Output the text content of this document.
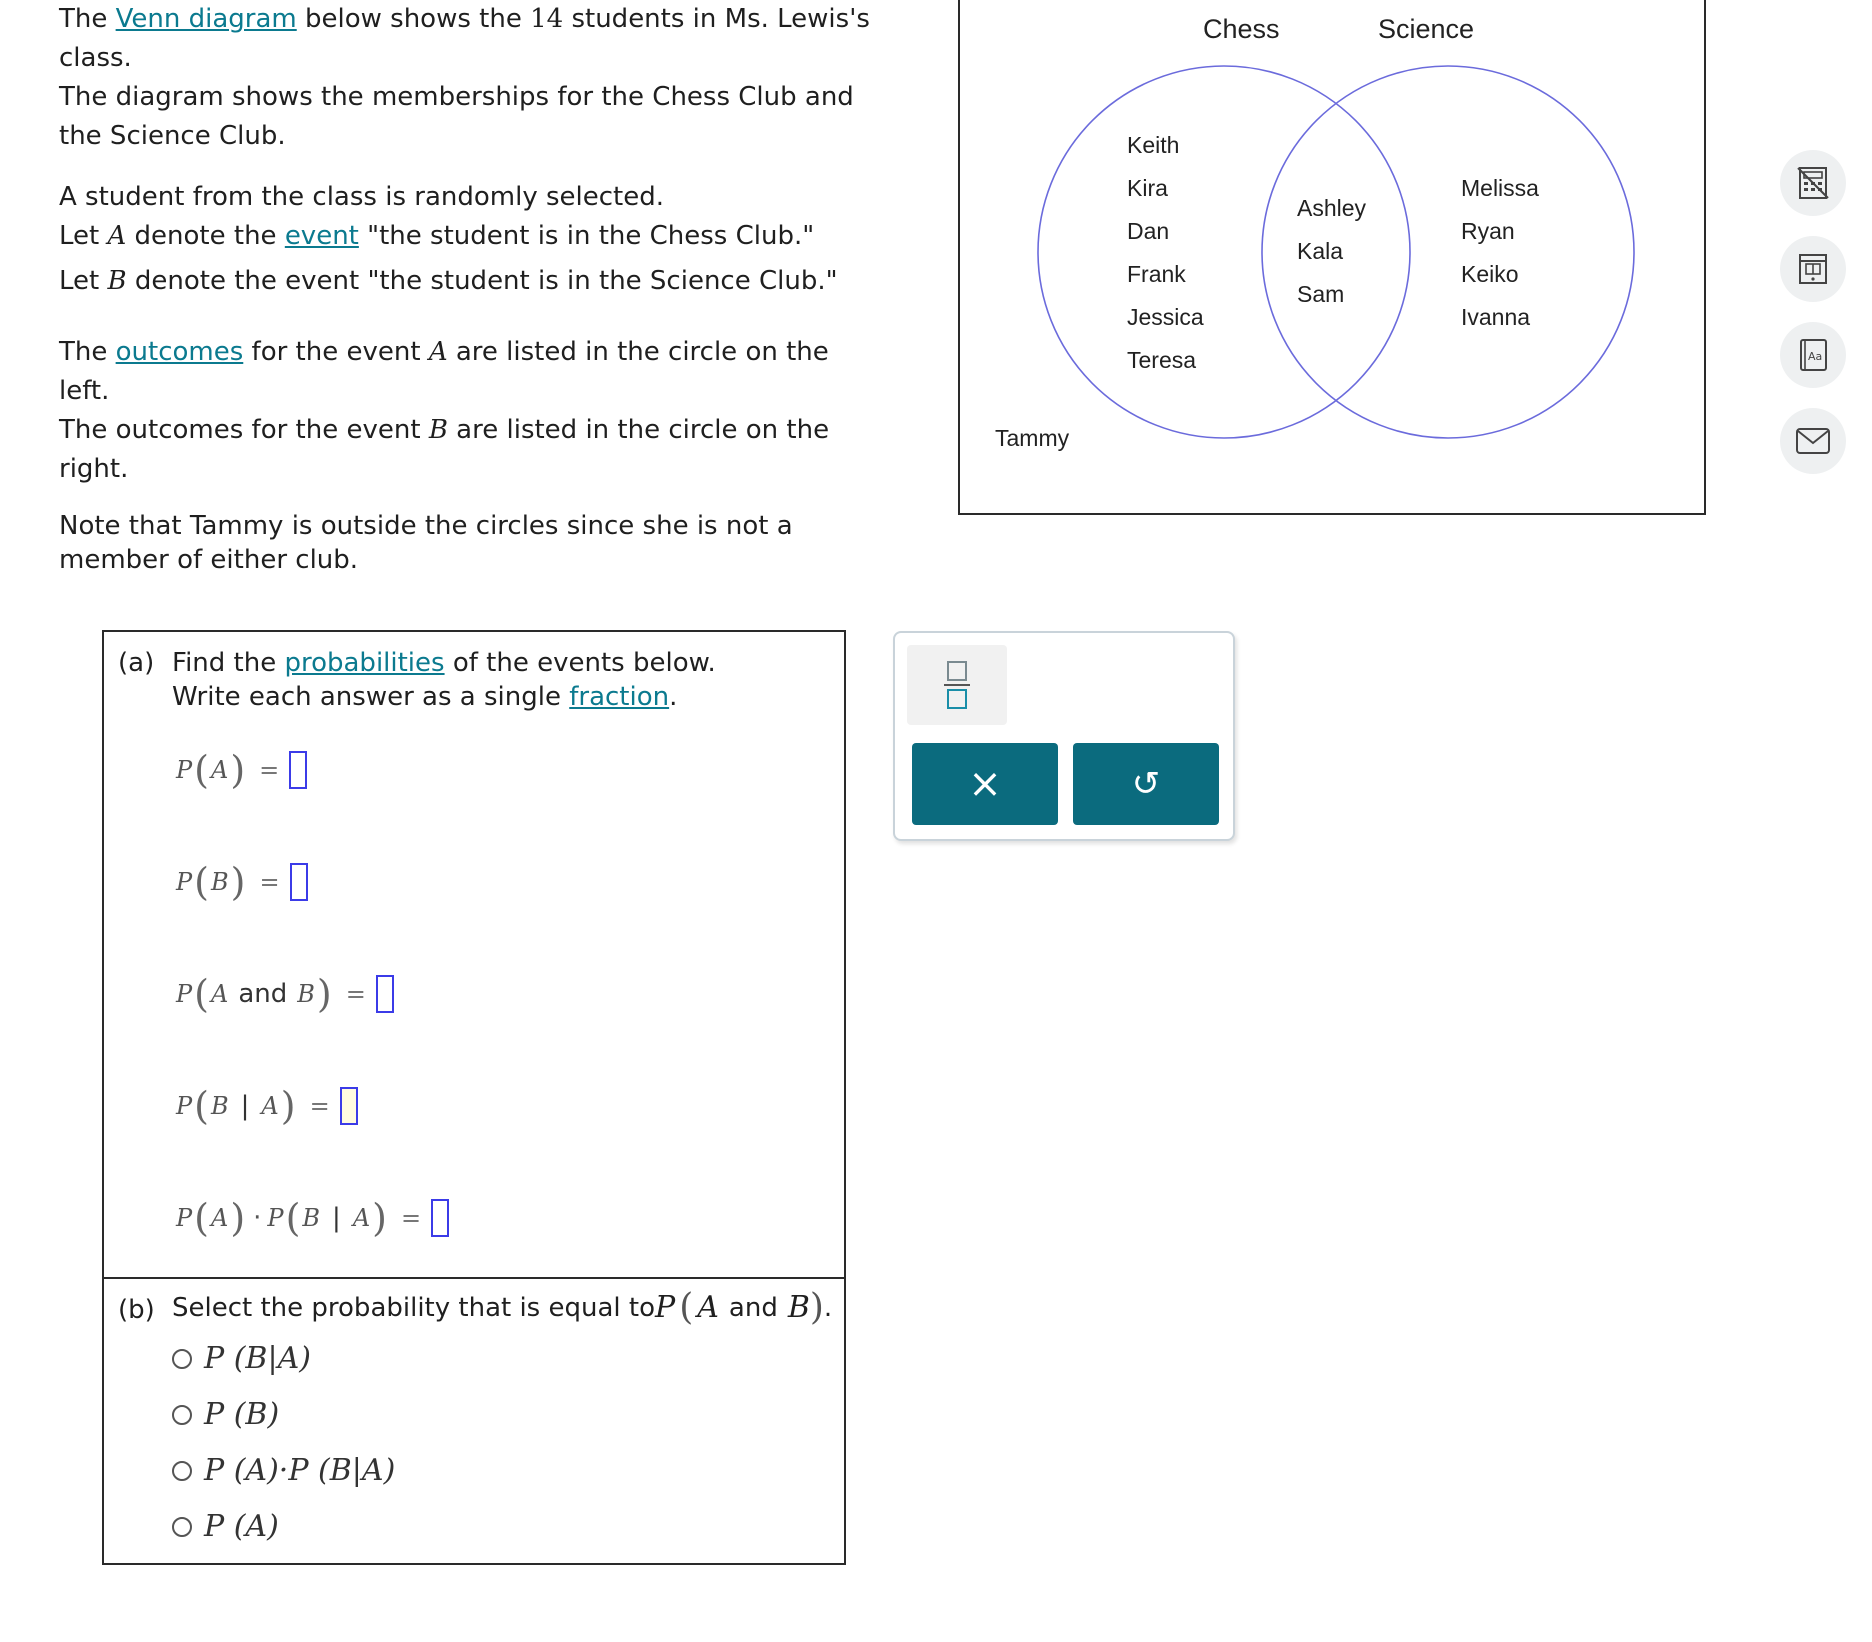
The Venn diagram below shows the 14 students in Ms. Lewis's

class.

The diagram shows the memberships for the Chess Club and

the Science Club.

A student from the class is randomly selected.

Let A denote the event "the student is in the Chess Club."

Let B denote the event "the student is in the Science Club."

The outcomes for the event A are listed in the circle on the

left.

The outcomes for the event B are listed in the circle on the

right.

Note that Tammy is outside the circles since she is not a

member of either club.

Chess	Science
Keith
Kira
Dan
Frank
Jessica
Teresa
Ashley
Kala
Sam
Melissa
Ryan
Keiko
Ivanna
Tammy
Aa
(a) Find the probabilities of the events below.
Write each answer as a single fraction.
P ( A ) =
P ( B ) =
P ( A and B ) =
P ( B | A ) =
P ( A ) · P ( B | A ) =
(b) Select the probability that is equal to P ( A and B ) .
P (B|A)
P (B)
P (A)·P (B|A)
P (A)
×	↺
